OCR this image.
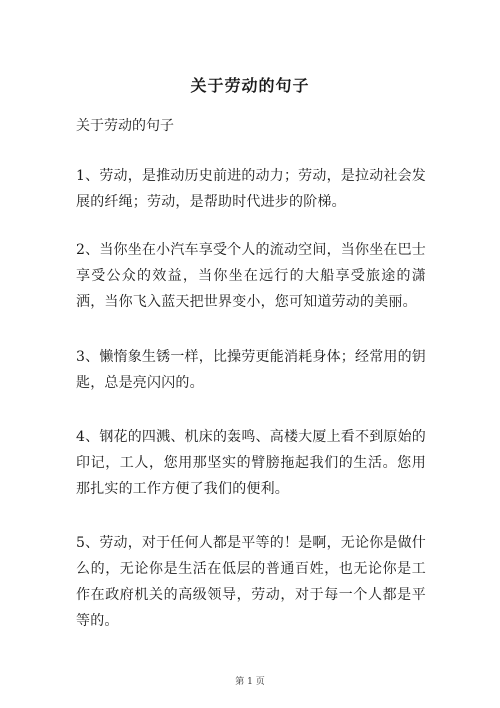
关于劳动的句子
关于劳动的句子
1、劳动，是推动历史前进的动力；劳动，是拉动社会发展的纤绳；劳动，是帮助时代进步的阶梯。
2、当你坐在小汽车享受个人的流动空间，当你坐在巴士享受公众的效益，当你坐在远行的大船享受旅途的潇洒，当你飞入蓝天把世界变小，您可知道劳动的美丽。
3、懒惰象生锈一样，比操劳更能消耗身体；经常用的钥匙，总是亮闪闪的。
4、钢花的四溅、机床的轰鸣、高楼大厦上看不到原始的印记，工人，您用那坚实的臂膀拖起我们的生活。您用那扎实的工作方便了我们的便利。
5、劳动，对于任何人都是平等的！是啊，无论你是做什么的，无论你是生活在低层的普通百姓，也无论你是工作在政府机关的高级领导，劳动，对于每一个人都是平等的。
第 1 页
